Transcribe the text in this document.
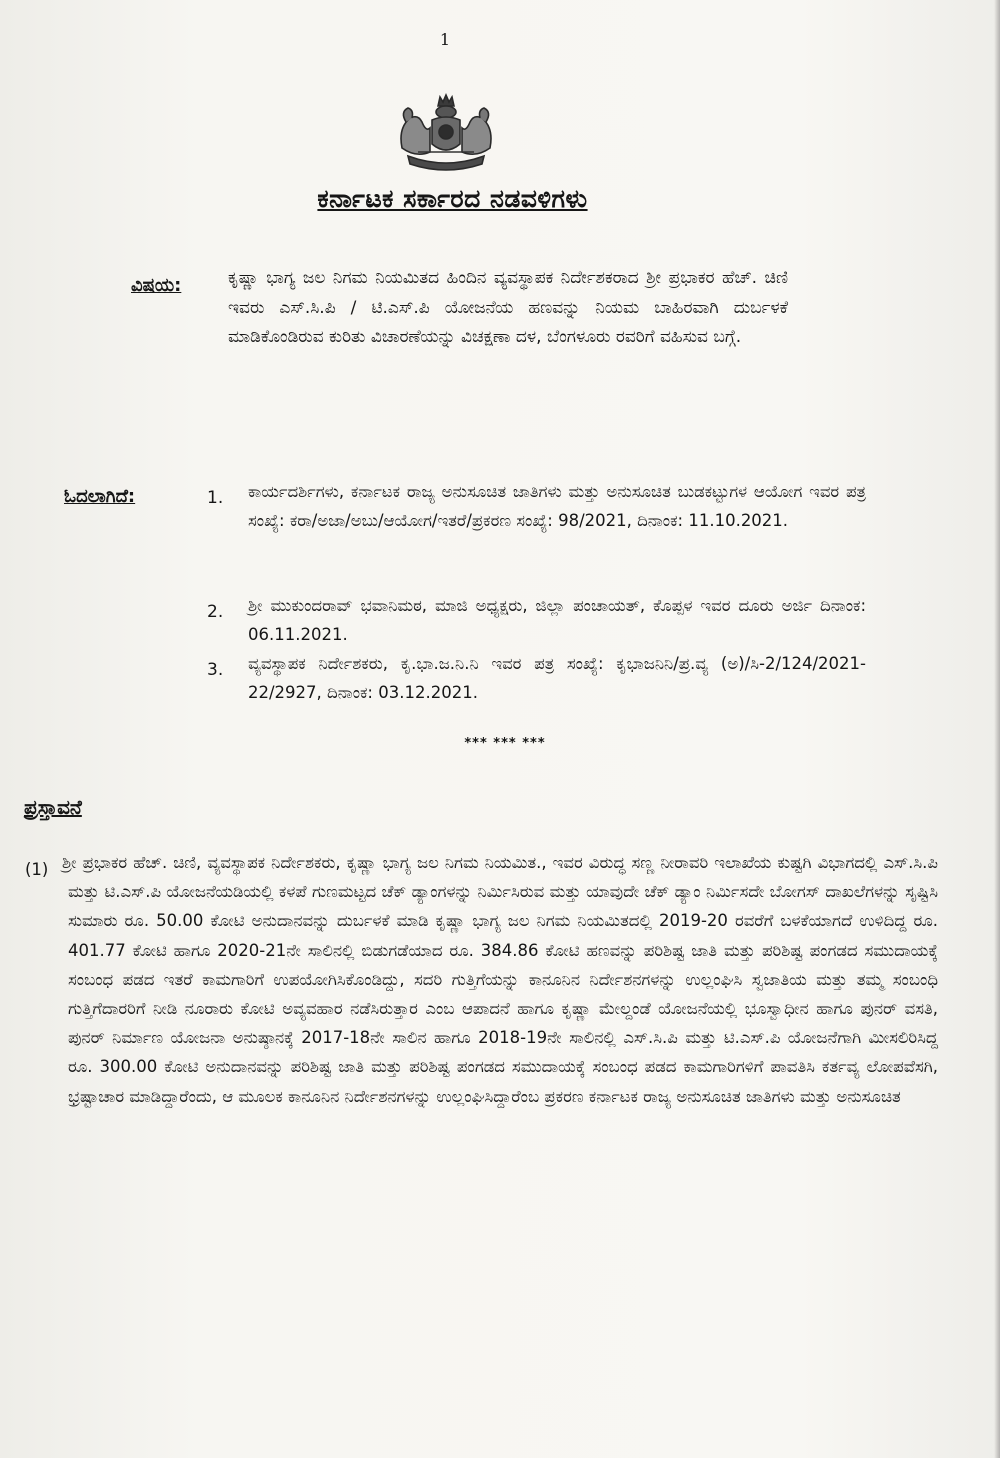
1
ಕರ್ನಾಟಕ ಸರ್ಕಾರದ ನಡವಳಿಗಳು
ವಿಷಯ:	ಕೃಷ್ಣಾ ಭಾಗ್ಯ ಜಲ ನಿಗಮ ನಿಯಮಿತದ ಹಿಂದಿನ ವ್ಯವಸ್ಥಾಪಕ ನಿರ್ದೇಶಕರಾದ ಶ್ರೀ ಪ್ರಭಾಕರ ಹೆಚ್. ಚಿಣಿ ಇವರು ಎಸ್.ಸಿ.ಪಿ / ಟಿ.ಎಸ್.ಪಿ ಯೋಜನೆಯ ಹಣವನ್ನು ನಿಯಮ ಬಾಹಿರವಾಗಿ ದುರ್ಬಳಕೆ ಮಾಡಿಕೊಂಡಿರುವ ಕುರಿತು ವಿಚಾರಣೆಯನ್ನು ವಿಚಕ್ಷಣಾ ದಳ, ಬೆಂಗಳೂರು ರವರಿಗೆ ವಹಿಸುವ ಬಗ್ಗೆ.
ಓದಲಾಗಿದೆ:	1. ಕಾರ್ಯದರ್ಶಿಗಳು, ಕರ್ನಾಟಕ ರಾಜ್ಯ ಅನುಸೂಚಿತ ಜಾತಿಗಳು ಮತ್ತು ಅನುಸೂಚಿತ ಬುಡಕಟ್ಟುಗಳ ಆಯೋಗ ಇವರ ಪತ್ರ ಸಂಖ್ಯೆ: ಕರಾ/ಅಜಾ/ಅಬು/ಆಯೋಗ/ಇತರೆ/ಪ್ರಕರಣ ಸಂಖ್ಯೆ: 98/2021, ದಿನಾಂಕ: 11.10.2021.
2. ಶ್ರೀ ಮುಕುಂದರಾವ್ ಭವಾನಿಮಠ, ಮಾಜಿ ಅಧ್ಯಕ್ಷರು, ಜಿಲ್ಲಾ ಪಂಚಾಯತ್, ಕೊಪ್ಪಳ ಇವರ ದೂರು ಅರ್ಜಿ ದಿನಾಂಕ: 06.11.2021.
3. ವ್ಯವಸ್ಥಾಪಕ ನಿರ್ದೇಶಕರು, ಕೃ.ಭಾ.ಜ.ನಿ.ನಿ ಇವರ ಪತ್ರ ಸಂಖ್ಯೆ: ಕೃಭಾಜನಿನಿ/ಪ್ರ.ವ್ಯ (ಅ)/ಸಿ-2/124/2021-22/2927, ದಿನಾಂಕ: 03.12.2021.
*** *** ***
ಪ್ರಸ್ತಾವನೆ
(1) ಶ್ರೀ ಪ್ರಭಾಕರ ಹೆಚ್. ಚಿಣಿ, ವ್ಯವಸ್ಥಾಪಕ ನಿರ್ದೇಶಕರು, ಕೃಷ್ಣಾ ಭಾಗ್ಯ ಜಲ ನಿಗಮ ನಿಯಮಿತ., ಇವರ ವಿರುದ್ಧ ಸಣ್ಣ ನೀರಾವರಿ ಇಲಾಖೆಯ ಕುಷ್ಟಗಿ ವಿಭಾಗದಲ್ಲಿ ಎಸ್.ಸಿ.ಪಿ ಮತ್ತು ಟಿ.ಎಸ್.ಪಿ ಯೋಜನೆಯಡಿಯಲ್ಲಿ ಕಳಪೆ ಗುಣಮಟ್ಟದ ಚೆಕ್ ಡ್ಯಾಂಗಳನ್ನು ನಿರ್ಮಿಸಿರುವ ಮತ್ತು ಯಾವುದೇ ಚೆಕ್ ಡ್ಯಾಂ ನಿರ್ಮಿಸದೇ ಬೋಗಸ್ ದಾಖಲೆಗಳನ್ನು ಸೃಷ್ಟಿಸಿ ಸುಮಾರು ರೂ. 50.00 ಕೋಟಿ ಅನುದಾನವನ್ನು ದುರ್ಬಳಕೆ ಮಾಡಿ ಕೃಷ್ಣಾ ಭಾಗ್ಯ ಜಲ ನಿಗಮ ನಿಯಮಿತದಲ್ಲಿ 2019-20 ರವರೆಗೆ ಬಳಕೆಯಾಗದೆ ಉಳಿದಿದ್ದ ರೂ. 401.77 ಕೋಟಿ ಹಾಗೂ 2020-21ನೇ ಸಾಲಿನಲ್ಲಿ ಬಿಡುಗಡೆಯಾದ ರೂ. 384.86 ಕೋಟಿ ಹಣವನ್ನು ಪರಿಶಿಷ್ಟ ಜಾತಿ ಮತ್ತು ಪರಿಶಿಷ್ಟ ಪಂಗಡದ ಸಮುದಾಯಕ್ಕೆ ಸಂಬಂಧ ಪಡದ ಇತರೆ ಕಾಮಗಾರಿಗೆ ಉಪಯೋಗಿಸಿಕೊಂಡಿದ್ದು, ಸದರಿ ಗುತ್ತಿಗೆಯನ್ನು ಕಾನೂನಿನ ನಿರ್ದೇಶನಗಳನ್ನು ಉಲ್ಲಂಘಿಸಿ ಸ್ವಜಾತಿಯ ಮತ್ತು ತಮ್ಮ ಸಂಬಂಧಿ ಗುತ್ತಿಗೆದಾರರಿಗೆ ನೀಡಿ ನೂರಾರು ಕೋಟಿ ಅವ್ಯವಹಾರ ನಡೆಸಿರುತ್ತಾರ ಎಂಬ ಆಪಾದನೆ ಹಾಗೂ ಕೃಷ್ಣಾ ಮೇಲ್ದಂಡೆ ಯೋಜನೆಯಲ್ಲಿ ಭೂಸ್ವಾಧೀನ ಹಾಗೂ ಪುನರ್ ವಸತಿ, ಪುನರ್ ನಿರ್ಮಾಣ ಯೋಜನಾ ಅನುಷ್ಠಾನಕ್ಕೆ 2017-18ನೇ ಸಾಲಿನ ಹಾಗೂ 2018-19ನೇ ಸಾಲಿನಲ್ಲಿ ಎಸ್.ಸಿ.ಪಿ ಮತ್ತು ಟಿ.ಎಸ್.ಪಿ ಯೋಜನೆಗಾಗಿ ಮೀಸಲಿರಿಸಿದ್ದ ರೂ. 300.00 ಕೋಟಿ ಅನುದಾನವನ್ನು ಪರಿಶಿಷ್ಟ ಜಾತಿ ಮತ್ತು ಪರಿಶಿಷ್ಟ ಪಂಗಡದ ಸಮುದಾಯಕ್ಕೆ ಸಂಬಂಧ ಪಡದ ಕಾಮಗಾರಿಗಳಿಗೆ ಪಾವತಿಸಿ ಕರ್ತವ್ಯ ಲೋಪವೆಸಗಿ, ಭ್ರಷ್ಟಾಚಾರ ಮಾಡಿದ್ದಾರೆಂದು, ಆ ಮೂಲಕ ಕಾನೂನಿನ ನಿರ್ದೇಶನಗಳನ್ನು ಉಲ್ಲಂಘಿಸಿದ್ದಾರೆಂಬ ಪ್ರಕರಣ ಕರ್ನಾಟಕ ರಾಜ್ಯ ಅನುಸೂಚಿತ ಜಾತಿಗಳು ಮತ್ತು ಅನುಸೂಚಿತ
